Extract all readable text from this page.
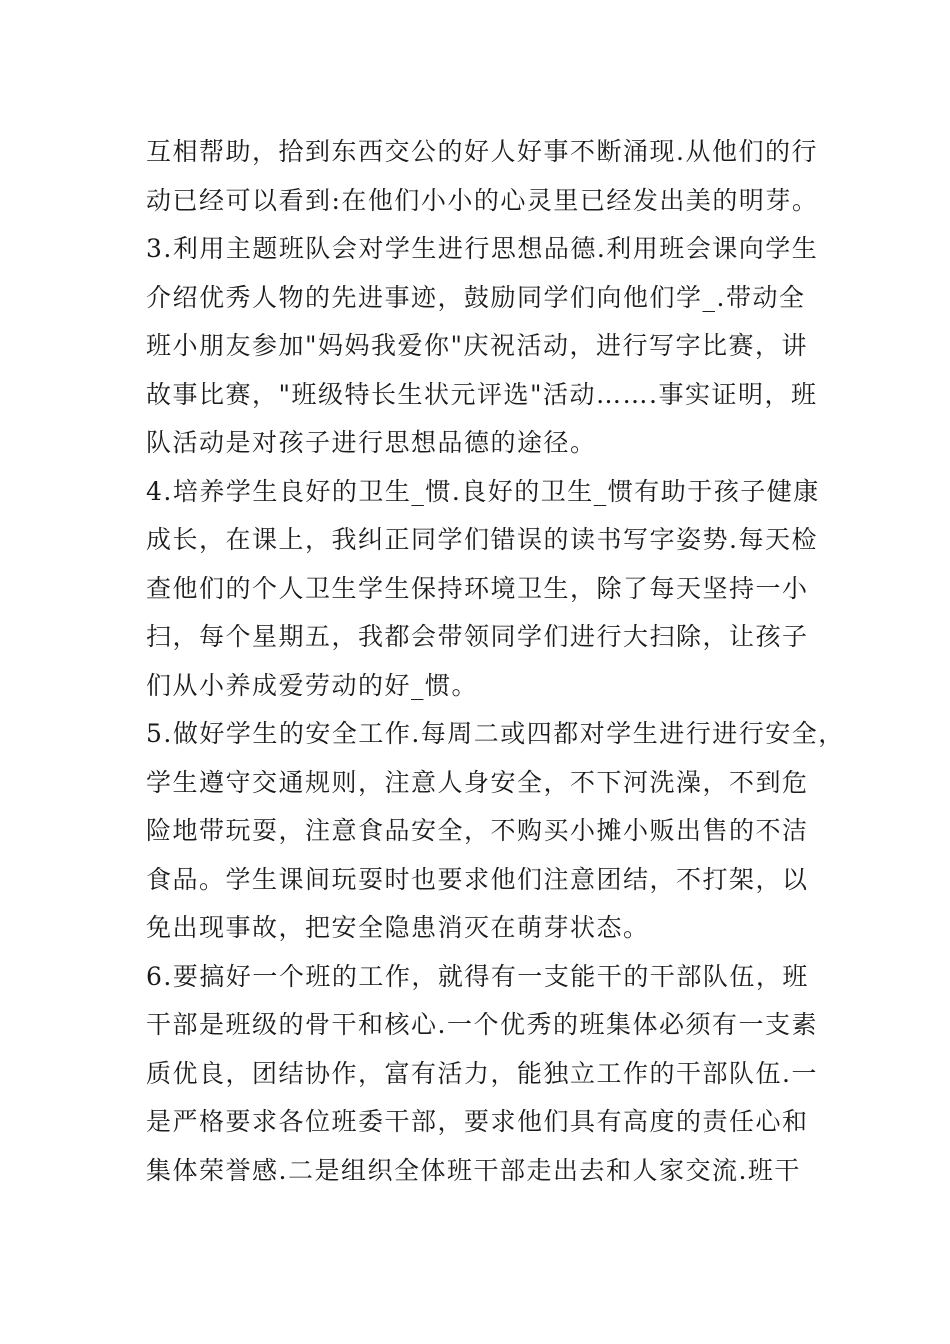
互相帮助，拾到东西交公的好人好事不断涌现.从他们的行
动已经可以看到:在他们小小的心灵里已经发出美的明芽。
3.利用主题班队会对学生进行思想品德.利用班会课向学生
介绍优秀人物的先进事迹，鼓励同学们向他们学_.带动全
班小朋友参加"妈妈我爱你"庆祝活动，进行写字比赛，讲
故事比赛，"班级特长生状元评选"活动…….事实证明，班
队活动是对孩子进行思想品德的途径。
4.培养学生良好的卫生_惯.良好的卫生_惯有助于孩子健康
成长，在课上，我纠正同学们错误的读书写字姿势.每天检
查他们的个人卫生学生保持环境卫生，除了每天坚持一小
扫，每个星期五，我都会带领同学们进行大扫除，让孩子
们从小养成爱劳动的好_惯。
5.做好学生的安全工作.每周二或四都对学生进行进行安全，
学生遵守交通规则，注意人身安全，不下河洗澡，不到危
险地带玩耍，注意食品安全，不购买小摊小贩出售的不洁
食品。学生课间玩耍时也要求他们注意团结，不打架，以
免出现事故，把安全隐患消灭在萌芽状态。
6.要搞好一个班的工作，就得有一支能干的干部队伍，班
干部是班级的骨干和核心.一个优秀的班集体必须有一支素
质优良，团结协作，富有活力，能独立工作的干部队伍.一
是严格要求各位班委干部，要求他们具有高度的责任心和
集体荣誉感.二是组织全体班干部走出去和人家交流.班干
